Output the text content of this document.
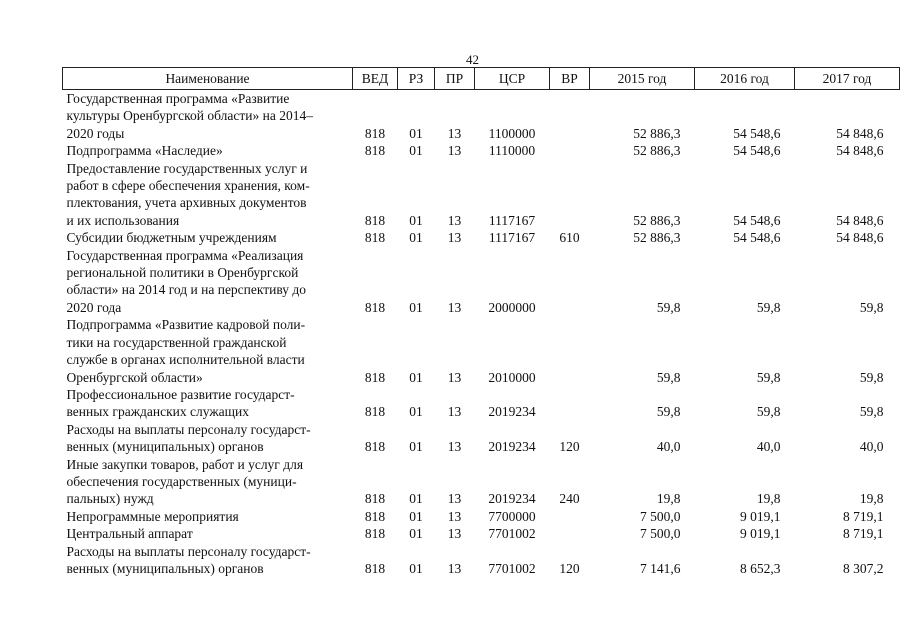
42
Наименование	ВЕД	РЗ	ПР	ЦСР	ВР	2015 год	2016 год	2017 год
Государственная программа «Развитие
культуры Оренбургской области» на 2014–
2020 годы	818	01	13	1100000		52 886,3	54 548,6	54 848,6
Подпрограмма «Наследие»	818	01	13	1110000		52 886,3	54 548,6	54 848,6
Предоставление государственных услуг и
работ в сфере обеспечения хранения, ком-
плектования, учета архивных документов
и их использования	818	01	13	1117167		52 886,3	54 548,6	54 848,6
Субсидии бюджетным учреждениям	818	01	13	1117167	610	52 886,3	54 548,6	54 848,6
Государственная программа «Реализация
региональной политики в Оренбургской
области» на 2014 год и на перспективу до
2020 года	818	01	13	2000000		59,8	59,8	59,8
Подпрограмма «Развитие кадровой поли-
тики на государственной гражданской
службе в органах исполнительной власти
Оренбургской области»	818	01	13	2010000		59,8	59,8	59,8
Профессиональное развитие государст-
венных гражданских служащих	818	01	13	2019234		59,8	59,8	59,8
Расходы на выплаты персоналу государст-
венных (муниципальных) органов	818	01	13	2019234	120	40,0	40,0	40,0
Иные закупки товаров, работ и услуг для
обеспечения государственных (муници-
пальных) нужд	818	01	13	2019234	240	19,8	19,8	19,8
Непрограммные мероприятия	818	01	13	7700000		7 500,0	9 019,1	8 719,1
Центральный аппарат	818	01	13	7701002		7 500,0	9 019,1	8 719,1
Расходы на выплаты персоналу государст-
венных (муниципальных) органов	818	01	13	7701002	120	7 141,6	8 652,3	8 307,2
